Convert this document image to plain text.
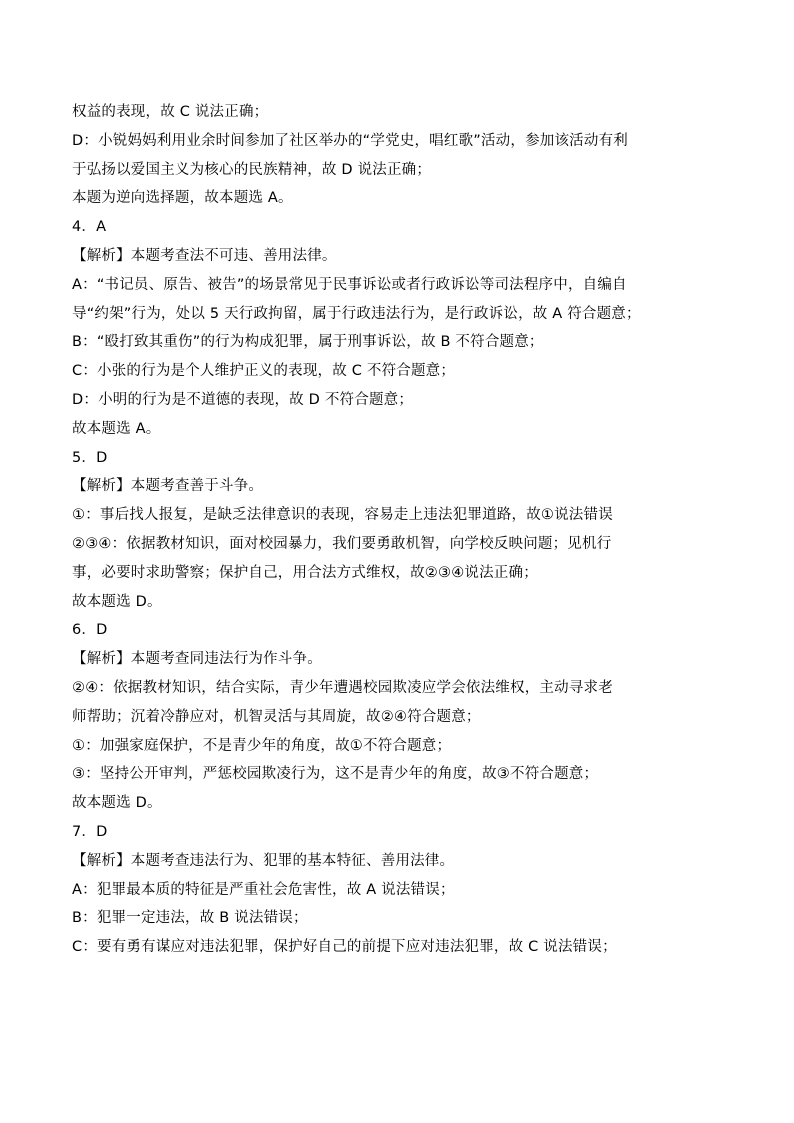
权益的表现，故 C 说法正确；
D：小锐妈妈利用业余时间参加了社区举办的“学党史，唱红歌”活动，参加该活动有利
于弘扬以爱国主义为核心的民族精神，故 D 说法正确；
本题为逆向选择题，故本题选 A。
4．A
【解析】本题考查法不可违、善用法律。
A：“书记员、原告、被告”的场景常见于民事诉讼或者行政诉讼等司法程序中，自编自
导“约架”行为，处以 5 天行政拘留，属于行政违法行为，是行政诉讼，故 A 符合题意；
B：“殴打致其重伤”的行为构成犯罪，属于刑事诉讼，故 B 不符合题意；
C：小张的行为是个人维护正义的表现，故 C 不符合题意；
D：小明的行为是不道德的表现，故 D 不符合题意；
故本题选 A。
5．D
【解析】本题考查善于斗争。
①：事后找人报复，是缺乏法律意识的表现，容易走上违法犯罪道路，故①说法错误
②③④：依据教材知识，面对校园暴力，我们要勇敢机智，向学校反映问题；见机行
事，必要时求助警察；保护自己，用合法方式维权，故②③④说法正确；
故本题选 D。
6．D
【解析】本题考查同违法行为作斗争。
②④：依据教材知识，结合实际，青少年遭遇校园欺凌应学会依法维权，主动寻求老
师帮助；沉着冷静应对，机智灵活与其周旋，故②④符合题意；
①：加强家庭保护，不是青少年的角度，故①不符合题意；
③：坚持公开审判，严惩校园欺凌行为，这不是青少年的角度，故③不符合题意；
故本题选 D。
7．D
【解析】本题考查违法行为、犯罪的基本特征、善用法律。
A：犯罪最本质的特征是严重社会危害性，故 A 说法错误；
B：犯罪一定违法，故 B 说法错误；
C：要有勇有谋应对违法犯罪，保护好自己的前提下应对违法犯罪，故 C 说法错误；
